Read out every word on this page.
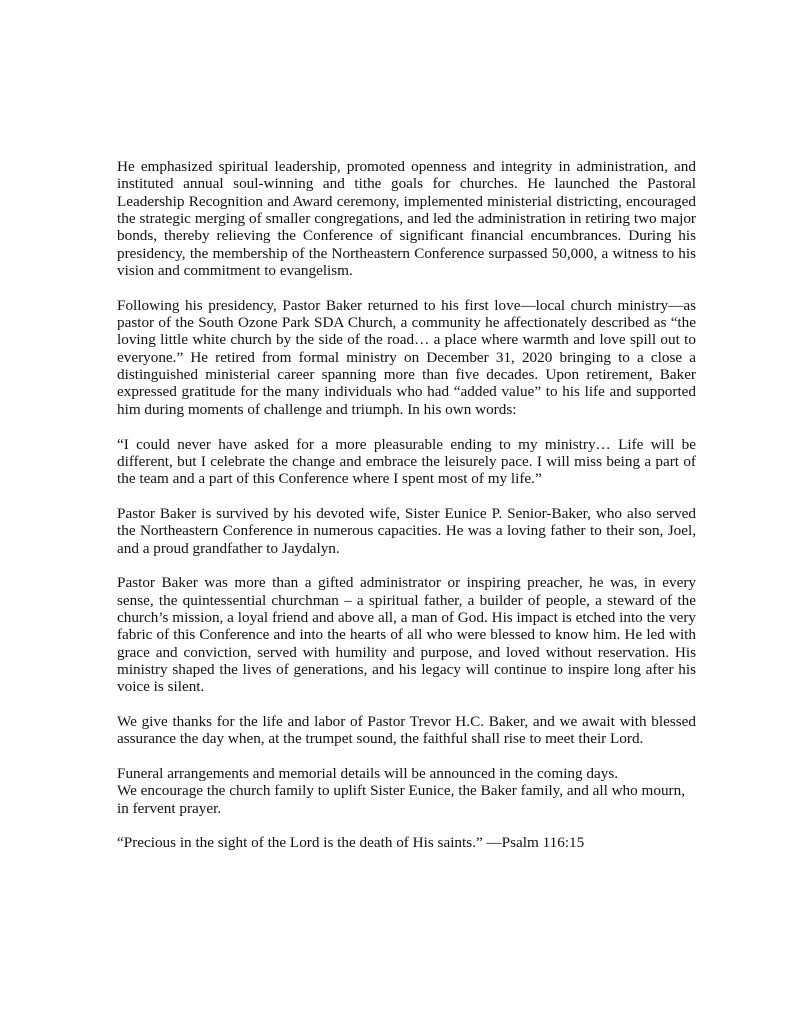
He emphasized spiritual leadership, promoted openness and integrity in administration, and instituted annual soul-winning and tithe goals for churches. He launched the Pastoral Leadership Recognition and Award ceremony, implemented ministerial districting, encouraged the strategic merging of smaller congregations, and led the administration in retiring two major bonds, thereby relieving the Conference of significant financial encumbrances. During his presidency, the membership of the Northeastern Conference surpassed 50,000, a witness to his vision and commitment to evangelism.

Following his presidency, Pastor Baker returned to his first love—local church ministry—as pastor of the South Ozone Park SDA Church, a community he affectionately described as “the loving little white church by the side of the road… a place where warmth and love spill out to everyone.” He retired from formal ministry on December 31, 2020 bringing to a close a distinguished ministerial career spanning more than five decades. Upon retirement, Baker expressed gratitude for the many individuals who had “added value” to his life and supported him during moments of challenge and triumph. In his own words:

“I could never have asked for a more pleasurable ending to my ministry… Life will be different, but I celebrate the change and embrace the leisurely pace. I will miss being a part of the team and a part of this Conference where I spent most of my life.”

Pastor Baker is survived by his devoted wife, Sister Eunice P. Senior-Baker, who also served the Northeastern Conference in numerous capacities. He was a loving father to their son, Joel, and a proud grandfather to Jaydalyn.

Pastor Baker was more than a gifted administrator or inspiring preacher, he was, in every sense, the quintessential churchman – a spiritual father, a builder of people, a steward of the church’s mission, a loyal friend and above all, a man of God. His impact is etched into the very fabric of this Conference and into the hearts of all who were blessed to know him. He led with grace and conviction, served with humility and purpose, and loved without reservation. His ministry shaped the lives of generations, and his legacy will continue to inspire long after his voice is silent.

We give thanks for the life and labor of Pastor Trevor H.C. Baker, and we await with blessed assurance the day when, at the trumpet sound, the faithful shall rise to meet their Lord.

Funeral arrangements and memorial details will be announced in the coming days.

We encourage the church family to uplift Sister Eunice, the Baker family, and all who mourn, in fervent prayer.

“Precious in the sight of the Lord is the death of His saints.” —Psalm 116:15
